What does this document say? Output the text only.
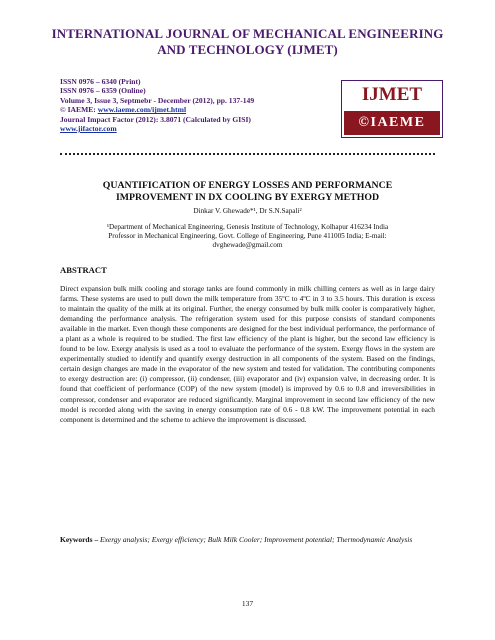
INTERNATIONAL JOURNAL OF MECHANICAL ENGINEERING
AND TECHNOLOGY (IJMET)
ISSN 0976 – 6340 (Print)
ISSN 0976 – 6359 (Online)
Volume 3, Issue 3, Septmebr - December (2012), pp. 137-149
© IAEME: www.iaeme.com/ijmet.html
Journal Impact Factor (2012): 3.8071 (Calculated by GISI)
www.jifactor.com
IJMET
©IAEME
QUANTIFICATION OF ENERGY LOSSES AND PERFORMANCE
IMPROVEMENT IN DX COOLING BY EXERGY METHOD
Dinkar V. Ghewade*¹, Dr S.N.Sapali²
¹Department of Mechanical Engineering, Genesis Institute of Technology, Kolhapur 416234 India
Professor in Mechanical Engineering, Govt. College of Engineering, Pune 411005 India; E-mail:
dvghewade@gmail.com
ABSTRACT
Direct expansion bulk milk cooling and storage tanks are found commonly in milk chilling centers as well as in large dairy farms. These systems are used to pull down the milk temperature from 35ºC to 4ºC in 3 to 3.5 hours. This duration is excess to maintain the quality of the milk at its original. Further, the energy consumed by bulk milk cooler is comparatively higher, demanding the performance analysis. The refrigeration system used for this purpose consists of standard components available in the market. Even though these components are designed for the best individual performance, the performance of a plant as a whole is required to be studied. The first law efficiency of the plant is higher, but the second law efficiency is found to be low. Exergy analysis is used as a tool to evaluate the performance of the system. Exergy flows in the system are experimentally studied to identify and quantify exergy destruction in all components of the system. Based on the findings, certain design changes are made in the evaporator of the new system and tested for validation. The contributing components to exergy destruction are: (i) compressor, (ii) condenser, (iii) evaporator and (iv) expansion valve, in decreasing order. It is found that coefficient of performance (COP) of the new system (model) is improved by 0.6 to 0.8 and irreversibilities in compressor, condenser and evaporator are reduced significantly. Marginal improvement in second law efficiency of the new model is recorded along with the saving in energy consumption rate of 0.6 - 0.8 kW. The improvement potential in each component is determined and the scheme to achieve the improvement is discussed.
Keywords – Exergy analysis; Exergy efficiency; Bulk Milk Cooler; Improvement potential; Thermodynamic Analysis
137
